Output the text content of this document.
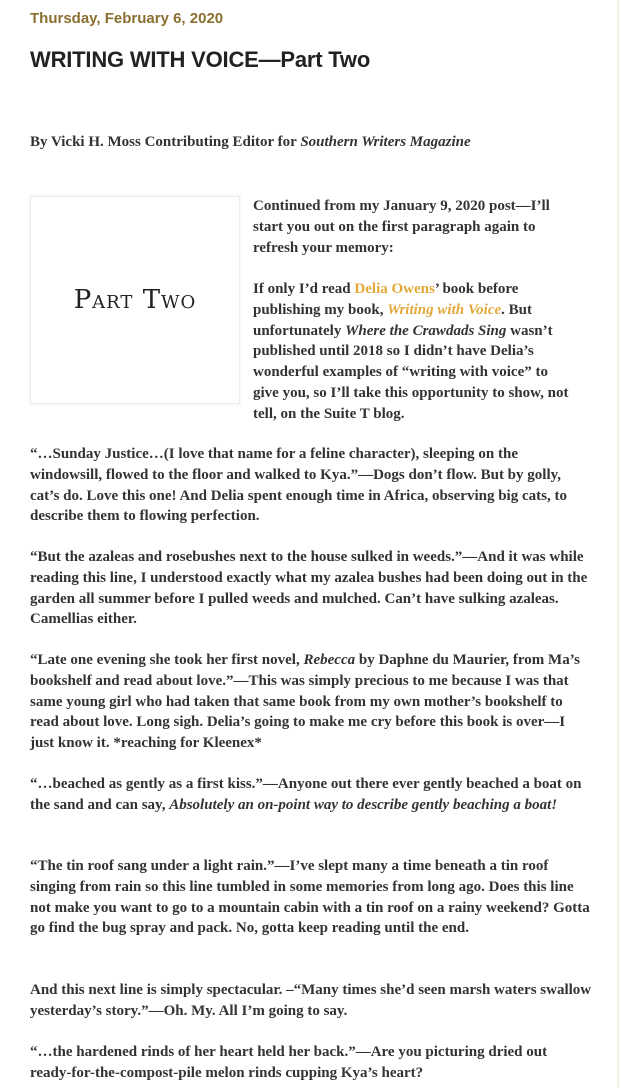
Thursday, February 6, 2020
WRITING WITH VOICE—Part Two
By Vicki H. Moss Contributing Editor for Southern Writers Magazine
Part Two

Continued from my January 9, 2020 post—I’ll start you out on the first paragraph again to refresh your memory:

If only I’d read Delia Owens’ book before publishing my book, Writing with Voice. But unfortunately Where the Crawdads Sing wasn’t published until 2018 so I didn’t have Delia’s wonderful examples of “writing with voice” to give you, so I’ll take this opportunity to show, not tell, on the Suite T blog.

“…Sunday Justice…(I love that name for a feline character), sleeping on the windowsill, flowed to the floor and walked to Kya.”—Dogs don’t flow. But by golly, cat’s do. Love this one! And Delia spent enough time in Africa, observing big cats, to describe them to flowing perfection.

“But the azaleas and rosebushes next to the house sulked in weeds.”—And it was while reading this line, I understood exactly what my azalea bushes had been doing out in the garden all summer before I pulled weeds and mulched. Can’t have sulking azaleas. Camellias either.

“Late one evening she took her first novel, Rebecca by Daphne du Maurier, from Ma’s bookshelf and read about love.”—This was simply precious to me because I was that same young girl who had taken that same book from my own mother’s bookshelf to read about love. Long sigh. Delia’s going to make me cry before this book is over—I just know it. *reaching for Kleenex*

“…beached as gently as a first kiss.”—Anyone out there ever gently beached a boat on the sand and can say, Absolutely an on-point way to describe gently beaching a boat!

“The tin roof sang under a light rain.”—I’ve slept many a time beneath a tin roof singing from rain so this line tumbled in some memories from long ago. Does this line not make you want to go to a mountain cabin with a tin roof on a rainy weekend? Gotta go find the bug spray and pack. No, gotta keep reading until the end.

And this next line is simply spectacular. –“Many times she’d seen marsh waters swallow yesterday’s story.”—Oh. My. All I’m going to say.

“…the hardened rinds of her heart held her back.”—Are you picturing dried out ready-for-the-compost-pile melon rinds cupping Kya’s heart?
